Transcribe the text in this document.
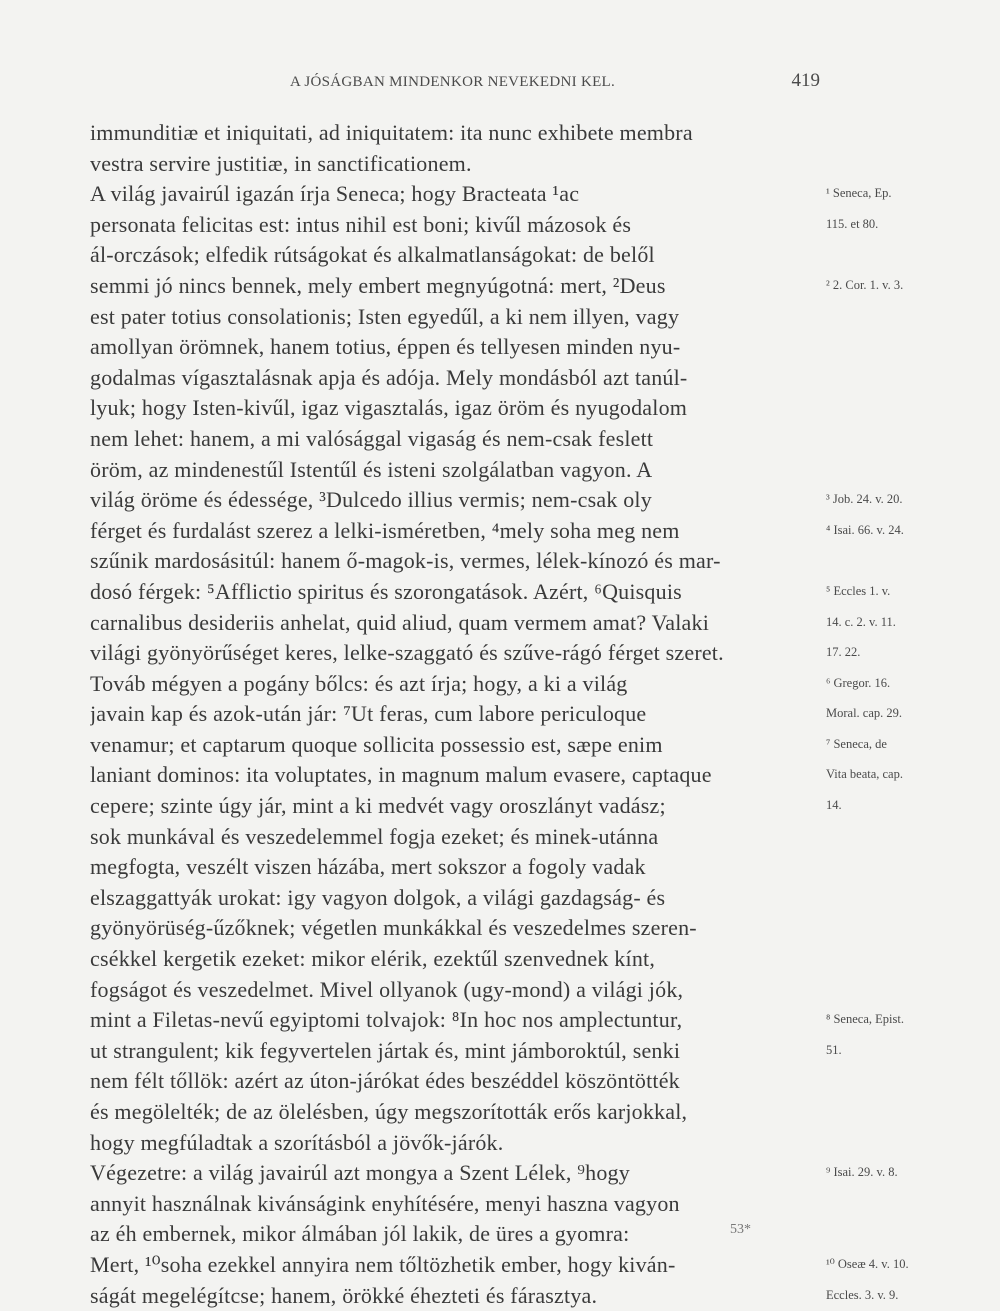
A JÓSÁGBAN MINDENKOR NEVEKEDNI KEL.	419
immunditiæ et iniquitati, ad iniquitatem: ita nunc exhibete membra
vestra servire justitiæ, in sanctificationem.
A világ javairúl igazán írja Seneca; hogy Bracteata ¹ac
personata felicitas est: intus nihil est boni; kivűl mázosok és
ál-orczások; elfedik rútságokat és alkalmatlanságokat: de belől
semmi jó nincs bennek, mely embert megnyúgotná: mert, ²Deus
est pater totius consolationis; Isten egyedűl, a ki nem illyen, vagy
amollyan örömnek, hanem totius, éppen és tellyesen minden nyu-
godalmas vígasztalásnak apja és adója. Mely mondásból azt tanúl-
lyuk; hogy Isten-kivűl, igaz vigasztalás, igaz öröm és nyugodalom
nem lehet: hanem, a mi valósággal vigaság és nem-csak feslett
öröm, az mindenestűl Istentűl és isteni szolgálatban vagyon. A
világ öröme és édessége, ³Dulcedo illius vermis; nem-csak oly
férget és furdalást szerez a lelki-isméretben, ⁴mely soha meg nem
szűnik mardosásitúl: hanem ő-magok-is, vermes, lélek-kínozó és mar-
dosó férgek: ⁵Afflictio spiritus és szorongatások. Azért, ⁶Quisquis
carnalibus desideriis anhelat, quid aliud, quam vermem amat? Valaki
világi gyönyörűséget keres, lelke-szaggató és szűve-rágó férget szeret.
Továb mégyen a pogány bőlcs: és azt írja; hogy, a ki a világ
javain kap és azok-után jár: ⁷Ut feras, cum labore periculoque
venamur; et captarum quoque sollicita possessio est, sæpe enim
laniant dominos: ita voluptates, in magnum malum evasere, captaque
cepere; szinte úgy jár, mint a ki medvét vagy oroszlányt vadász;
sok munkával és veszedelemmel fogja ezeket; és minek-utánna
megfogta, veszélt viszen házába, mert sokszor a fogoly vadak
elszaggattyák urokat: igy vagyon dolgok, a világi gazdagság- és
gyönyörüség-űzőknek; végetlen munkákkal és veszedelmes szeren-
csékkel kergetik ezeket: mikor elérik, ezektűl szenvednek kínt,
fogságot és veszedelmet. Mivel ollyanok (ugy-mond) a világi jók,
mint a Filetas-nevű egyiptomi tolvajok: ⁸In hoc nos amplectuntur,
ut strangulent; kik fegyvertelen jártak és, mint jámboroktúl, senki
nem félt tőllök: azért az úton-járókat édes beszéddel köszöntötték
és megölelték; de az ölelésben, úgy megszorították erős karjokkal,
hogy megfúladtak a szorításból a jövők-járók.
Végezetre: a világ javairúl azt mongya a Szent Lélek, ⁹hogy
annyit használnak kivánságink enyhítésére, menyi haszna vagyon
az éh embernek, mikor álmában jól lakik, de üres a gyomra:
Mert, ¹⁰soha ezekkel annyira nem tőltözhetik ember, hogy kiván-
ságát megelégítcse; hanem, örökké éhezteti és fárasztya.
¹ Seneca, Ep.
115. et 80.
² 2. Cor. 1. v. 3.
³ Job. 24. v. 20.
⁴ Isai. 66. v. 24.
⁵ Eccles 1. v.
14. c. 2. v. 11.
17. 22.
⁶ Gregor. 16.
Moral. cap. 29.
⁷ Seneca, de
Vita beata, cap.
14.
⁸ Seneca, Epist.
51.
⁹ Isai. 29. v. 8.
¹⁰ Oseæ 4. v. 10.
Eccles. 3. v. 9.
53*
